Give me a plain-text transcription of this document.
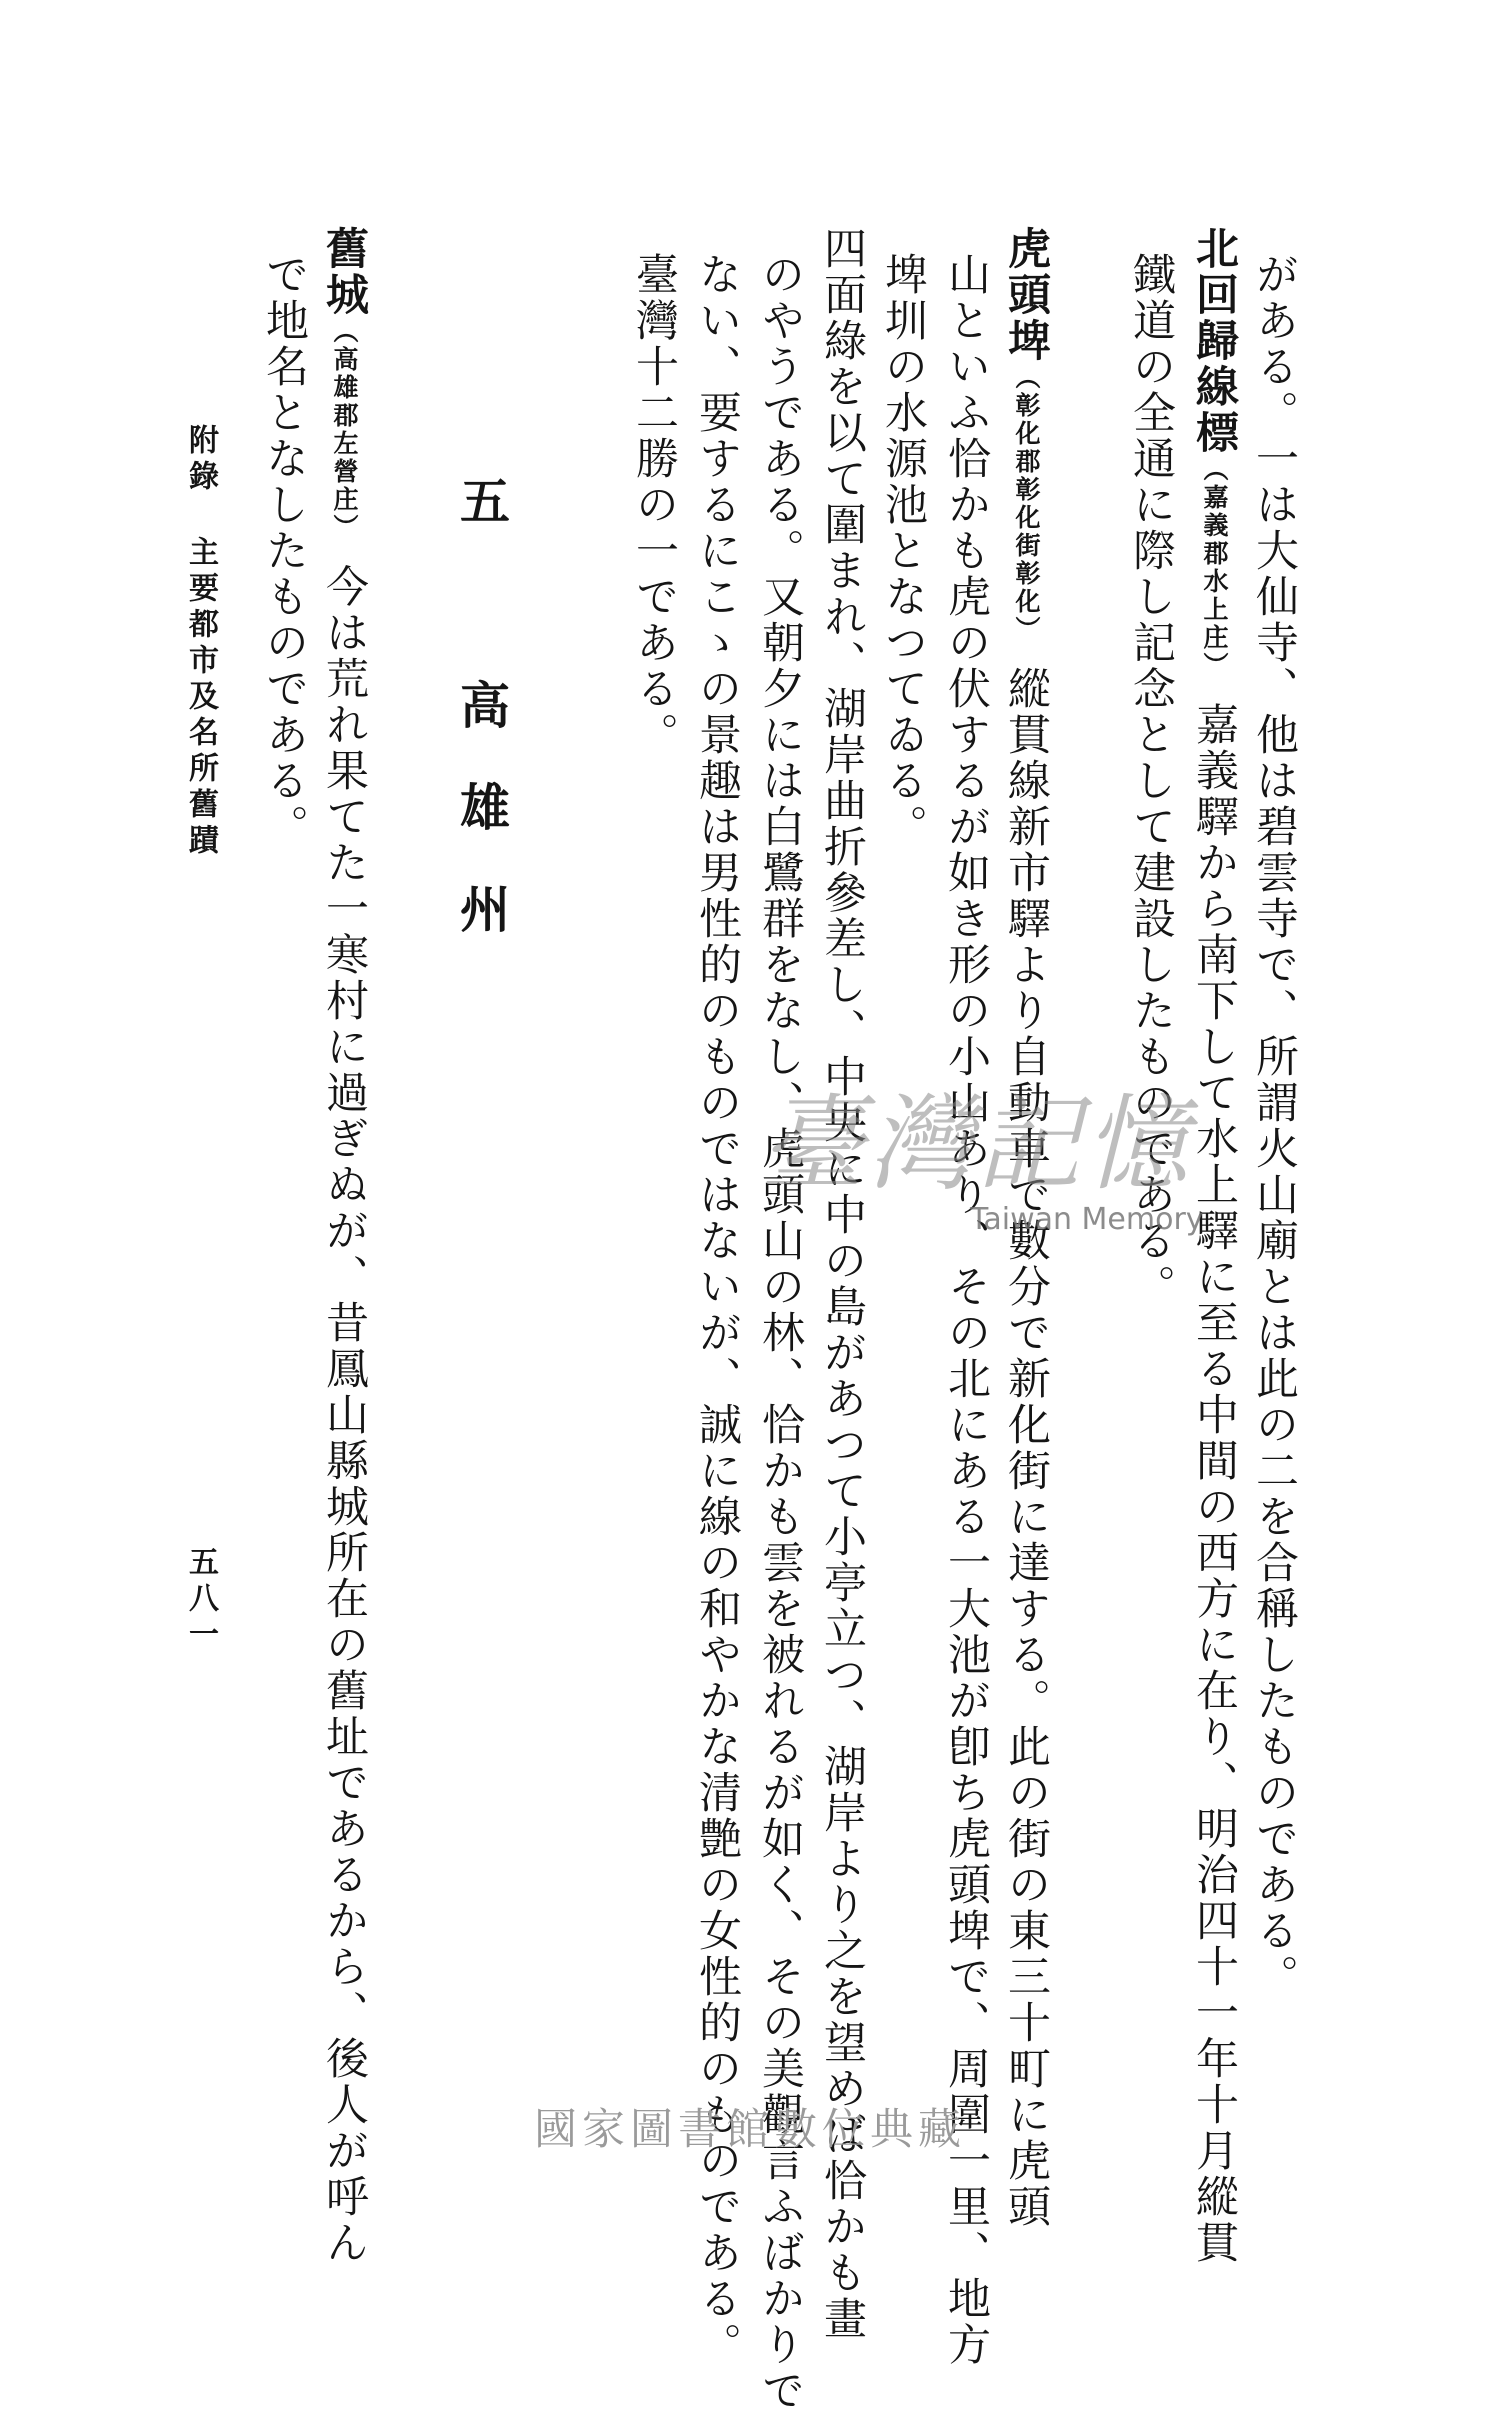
がある。一は大仙寺、他は碧雲寺で、所謂火山廟とは此の二を合稱したものである。
北回歸線標（嘉義郡水上庄）嘉義驛から南下して水上驛に至る中間の西方に在り、明治四十一年十月縱貫
鐵道の全通に際し記念として建設したものである。
虎頭埤（彰化郡彰化街彰化）縱貫線新市驛より自動車で數分で新化街に達する。此の街の東三十町に虎頭
山といふ恰かも虎の伏するが如き形の小山あり、その北にある一大池が卽ち虎頭埤で、周圍一里、地方
埤圳の水源池となつてゐる。
四面綠を以て圍まれ、湖岸曲折參差し、中央に中の島があつて小亭立つ、湖岸より之を望めば恰かも畫
のやうである。又朝夕には白鷺群をなし、虎頭山の林、恰かも雲を被れるが如く、その美觀言ふばかりで
ない、要するにこゝの景趣は男性的のものではないが、誠に線の和やかな清艶の女性的のものである。
臺灣十二勝の一である。
五　高雄州
舊城（高雄郡左營庄）今は荒れ果てた一寒村に過ぎぬが、昔鳳山縣城所在の舊址であるから、後人が呼ん
で地名となしたものである。
附錄主要都市及名所舊蹟
五八一
臺灣記憶
Taiwan Memory
國家圖書館數位典藏
